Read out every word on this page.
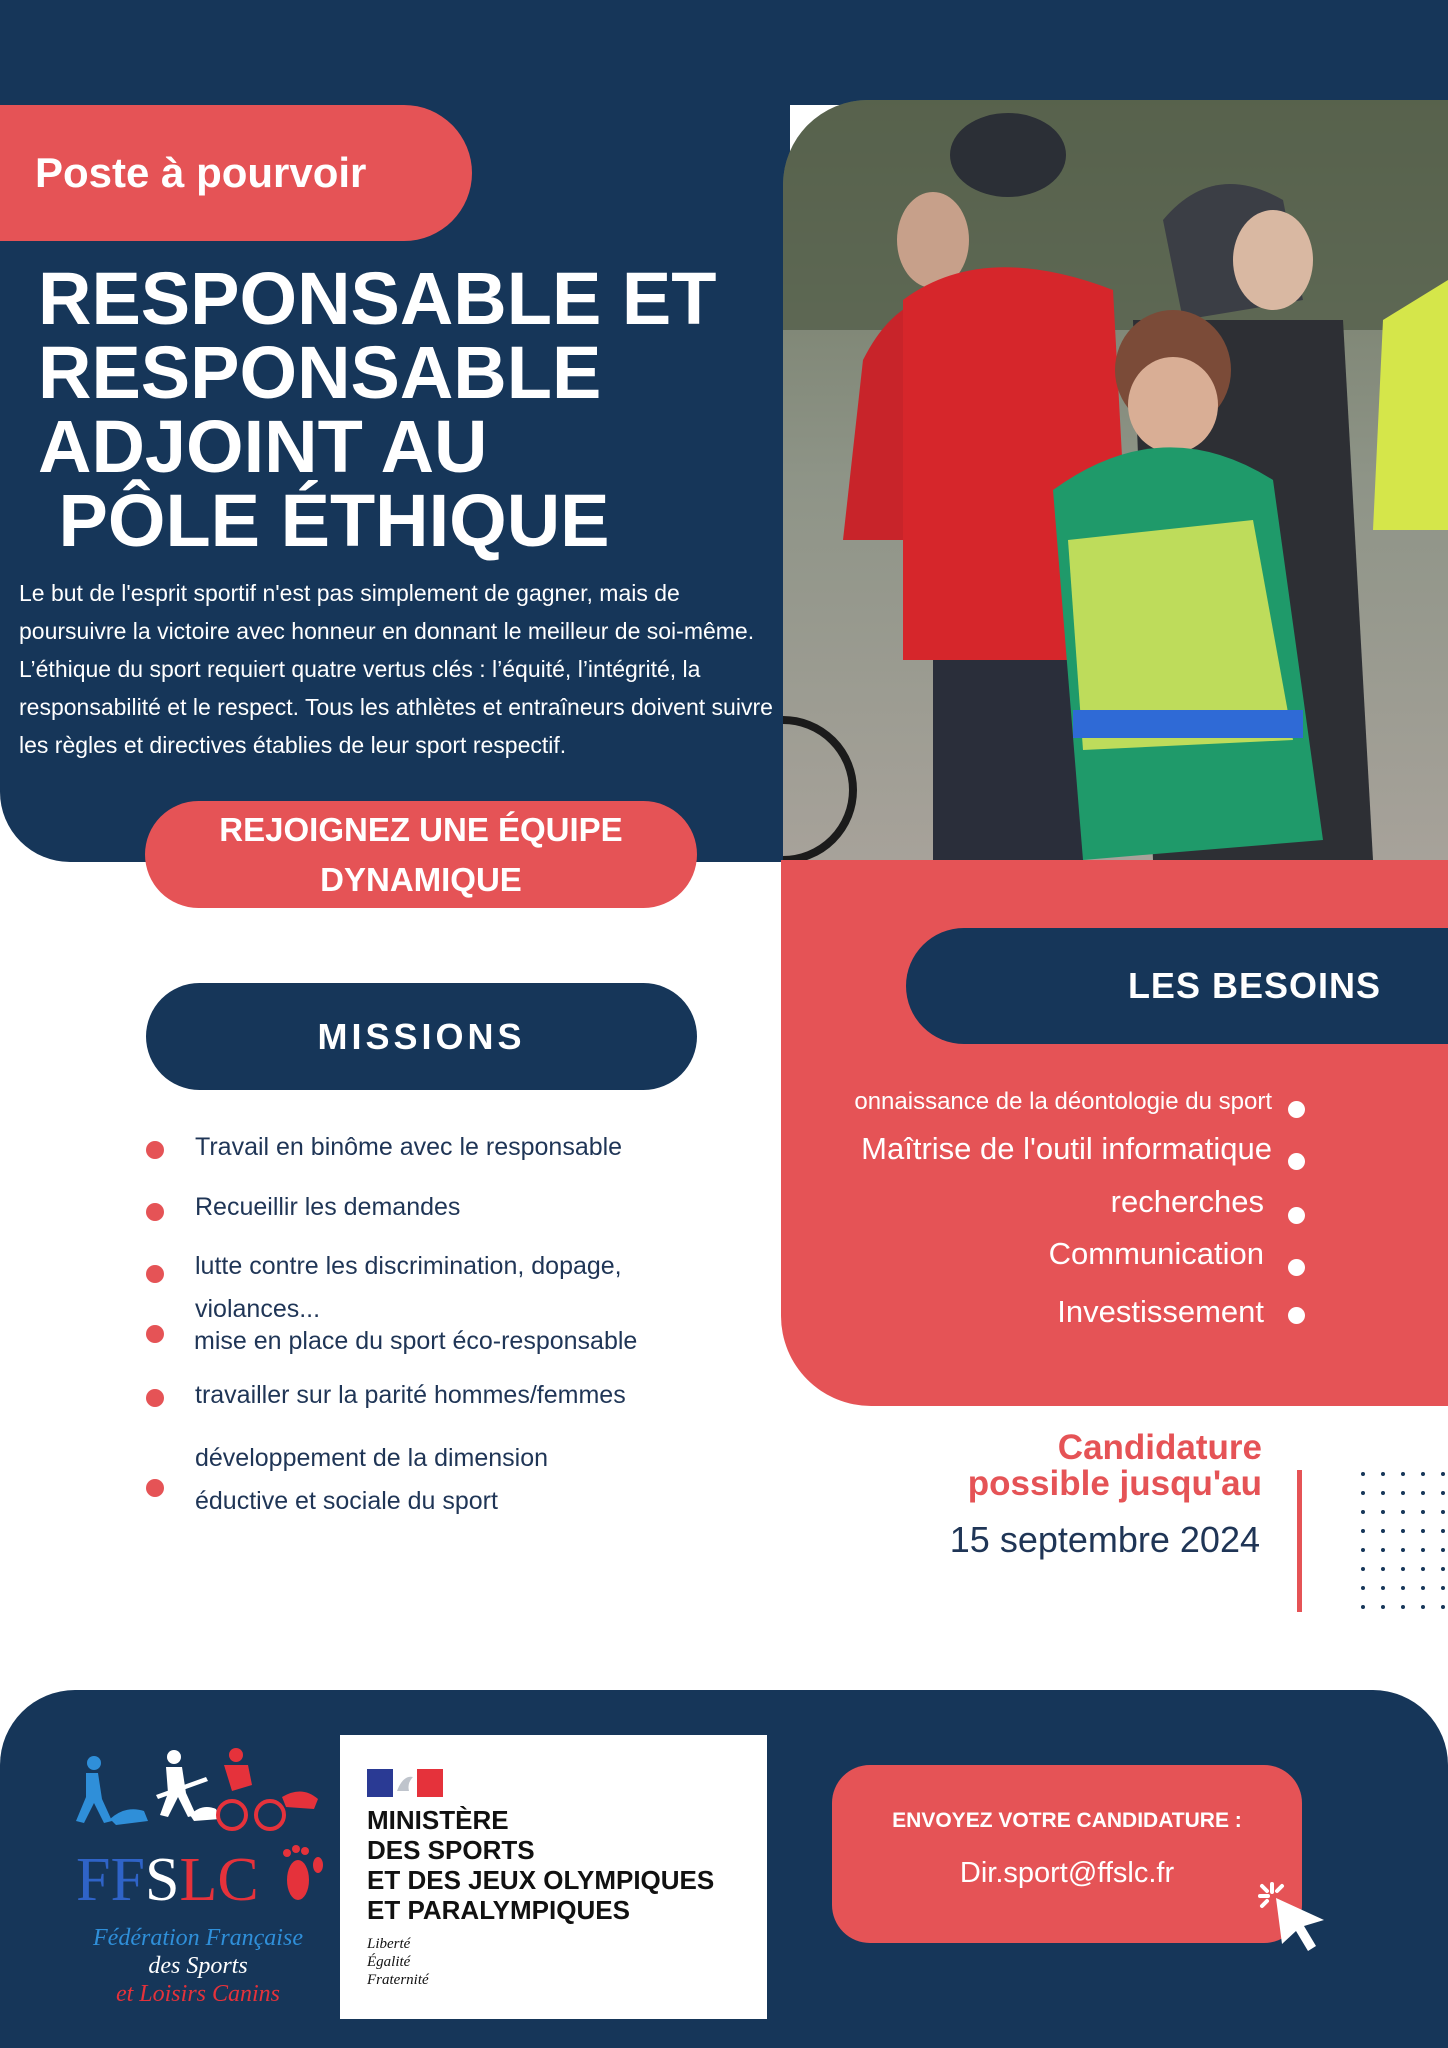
Poste à pourvoir
RESPONSABLE ET
RESPONSABLE
ADJOINT AU
PÔLE ÉTHIQUE

Le but de l'esprit sportif n'est pas simplement de gagner, mais de poursuivre la victoire avec honneur en donnant le meilleur de soi-même. L’éthique du sport requiert quatre vertus clés : l’équité, l’intégrité, la responsabilité et le respect. Tous les athlètes et entraîneurs doivent suivre les règles et directives établies de leur sport respectif.

REJOIGNEZ UNE ÉQUIPE
DYNAMIQUE
MISSIONS
Travail en binôme avec le responsable
Recueillir les demandes
lutte contre les discrimination, dopage, violances...
mise en place du sport éco-responsable
travailler sur la parité hommes/femmes
développement de la dimension éductive et sociale du sport
LES BESOINS
onnaissance de la déontologie du sport
Maîtrise de l'outil informatique
recherches
Communication
Investissement
Candidature
possible jusqu'au
15 septembre 2024
FFSLC
Fédération Française
des Sports
et Loisirs Canins

MINISTÈRE
DES SPORTS
ET DES JEUX OLYMPIQUES
ET PARALYMPIQUES

Liberté
Égalité
Fraternité
ENVOYEZ VOTRE CANDIDATURE :
Dir.sport@ffslc.fr
